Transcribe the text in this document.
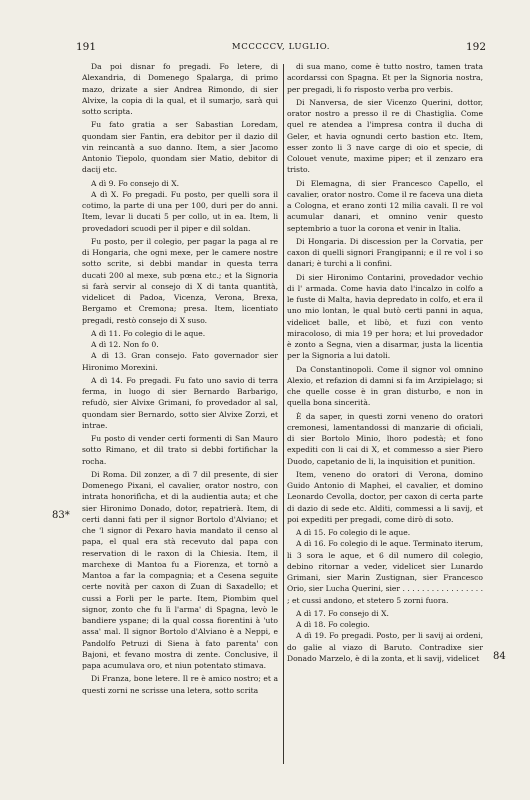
191	MCCCCCV, LUGLIO.	192

Da poi disnar fo pregadi. Fo letere, di Alexandria, di Domenego Spalarga, di primo mazo, drizate a sier Andrea Rimondo, di sier Alvixe, la copia di la qual, et il sumarjo, sarà qui sotto scripta.

Fu fato gratia a ser Sabastian Loredam, quondam sier Fantin, era debitor per il dazio dil vin reincantà a suo danno. Item, a sier Jacomo Antonio Tiepolo, quondam sier Matio, debitor di dacij etc.

A dì 9. Fo consejo di X.

A dì X. Fo pregadi. Fu posto, per quelli sora il cotimo, la parte di una per 100, duri per do anni. Item, levar li ducati 5 per collo, ut in ea. Item, li provedadori scuodi per il piper e dil soldan.

Fu posto, per il colegio, per pagar la paga al re di Hongaria, che ogni mexe, per le camere nostre sotto scrite, si debbi mandar in questa terra ducati 200 al mexe, sub pœna etc.; et la Signoria si farà servir al consejo di X di tanta quantità, videlicet di Padoa, Vicenza, Verona, Brexa, Bergamo et Cremona; presa. Item, licentiato pregadi, restò consejo di X suso.

A dì 11. Fo colegio di le aque.

A dì 12. Non fo 0.

A dì 13. Gran consejo. Fato governador sier Hironimo Morexini.

A dì 14. Fo pregadi. Fu fato uno savio di terra ferma, in luogo di sier Bernardo Barbarigo, refudò, sier Alvixe Grimani, fo provedador al sal, quondam sier Bernardo, sotto sier Alvixe Zorzi, et intrae.

Fu posto di vender certi formenti di San Mauro sotto Rimano, et dil trato si debbi fortifichar la rocha.

Di Roma. Dil zonzer, a dì 7 dil presente, di sier Domenego Pixani, el cavalier, orator nostro, con intrata honorifìcha, et di la audientia auta; et che sier Hironimo Donado, dotor, repatrierà. Item, di certi danni fati per il signor Bortolo d'Alviano; et che 'l signor di Pexaro havia mandato il censo al papa, el qual era stà recevuto dal papa con reservation di le raxon di la Chiesia. Item, il marchexe di Mantoa fu a Fiorenza, et tornò a Mantoa a far la compagnia; et a Cesena seguite certe novità per caxon di Zuan di Saxadello; et cussi a Forli per le parte. Item, Piombim quel signor, zonto che fu lì l'arma' di Spagna, levò le bandiere yspane; di la qual cossa fiorentini à 'uto assa' mal. Il signor Bortolo d'Alviano è a Neppi, e Pandolfo Petruzi di Siena à fato parenta' con Bajoni, et fevano mostra di zente. Conclusive, il papa acumulava oro, et niun potentato stimava.

Di Franza, bone letere. Il re è amico nostro; et a questi zorni ne scrisse una letera, sotto scrita

di sua mano, come è tutto nostro, tamen trata acordarssi con Spagna. Et per la Signoria nostra, per pregadi, li fo risposto verba pro verbis.

Di Nanversa, de sier Vicenzo Querini, dottor, orator nostro a presso il re di Chastiglia. Come quel re atendea a l'impresa contra il ducha di Geler, et havia ognundi certo bastion etc. Item, esser zonto li 3 nave carge di oio et specie, di Colouet venute, maxime piper; et il zenzaro era tristo.

Di Elemagna, di sier Francesco Capello, el cavalier, orator nostro. Come il re faceva una dieta a Cologna, et erano zonti 12 milia cavali. Il re vol acumular danari, et omnino venir questo septembrio a tuor la corona et venir in Italia.

Di Hongaria. Di discession per la Corvatia, per caxon di quelli signori Frangipanni; e il re vol i so danari; è turchi a li confini.

Di sier Hironimo Contarini, provedador vechio di l' armada. Come havia dato l'incalzo in colfo a le fuste di Malta, havia depredato in colfo, et era il uno mio lontan, le qual butò certi panni in aqua, videlicet balle, et libò, et fuzi con vento miracoloso, di mia 19 per hora; et lui provedador è zonto a Segna, vien a disarmar, justa la licentia per la Signoria a lui datoli.

Da Constantinopoli. Come il signor vol omnino Alexio, et refazion di damni si fa im Arzipielago; si che quelle cosse è in gran disturbo, e non in quella bona sincerità.

È da saper, in questi zorni veneno do oratori cremonesi, lamentandossi di manzarie di oficiali, di sier Bortolo Minio, lhoro podestà; et fono expediti con li cai di X, et commesso a sier Piero Duodo, capetanio de li, la inquisition et punition.

Item, veneno do oratori di Verona, domino Guido Antonio di Maphei, el cavalier, et domino Leonardo Cevolla, doctor, per caxon di certa parte di dazio di sede etc. Alditi, commessi a li savij, et poi expediti per pregadi, come dirò di soto.

A dì 15. Fo colegio di le aque.

A dì 16. Fo colegio di le aque. Terminato iterum, li 3 sora le aque, et 6 dil numero dil colegio, debino ritornar a veder, videlicet sier Lunardo Grimani, sier Marin Zustignan, sier Francesco Orio, sier Lucha Querini, sier . . . . . . . . . . . . . . . . . ; et cussi andono, et stetero 5 zorni fuora.

A dì 17. Fo consejo di X.

A dì 18. Fo colegio.

A dì 19. Fo pregadi. Posto, per li savij ai ordeni, do galie al viazo di Baruto. Contradixe sier Donado Marzelo, è di la zonta, et li savij, videlicet

83*
84
